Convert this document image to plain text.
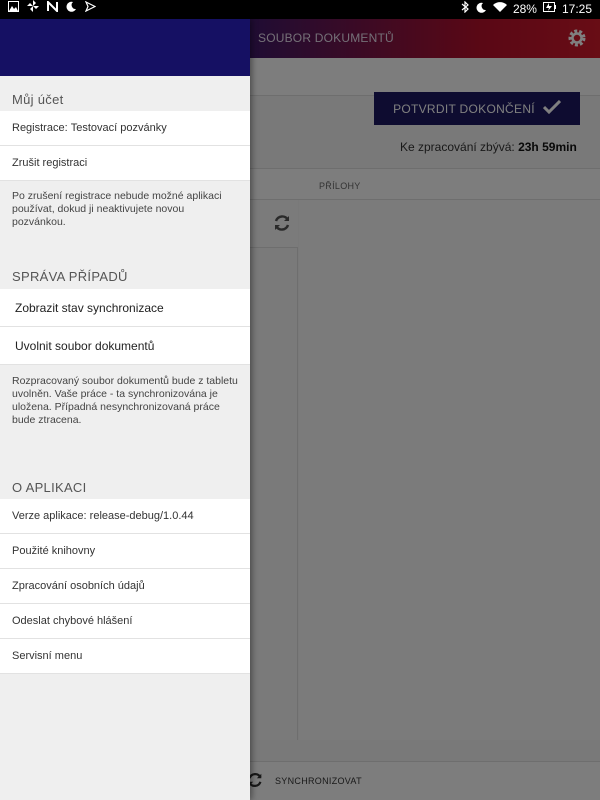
28% 17:25
Můj účet
Registrace:
Testovací pozvánky
Zrušit registraci
Po zrušení registrace nebude možné aplikaci používat, dokud ji neaktivujete novou pozvánkou.
SPRÁVA PŘÍPADŮ
Zobrazit stav synchronizace
Uvolnit soubor dokumentů
Rozpracovaný soubor dokumentů bude z tabletu uvolněn. Vaše práce - ta synchronizována je uložena. Případná nesynchronizovaná práce bude ztracena.
O APLIKACI
Verze aplikace:
release-debug/1.0.44
Použité knihovny
Zpracování osobních údajů
Odeslat chybové hlášení
Servisní menu
